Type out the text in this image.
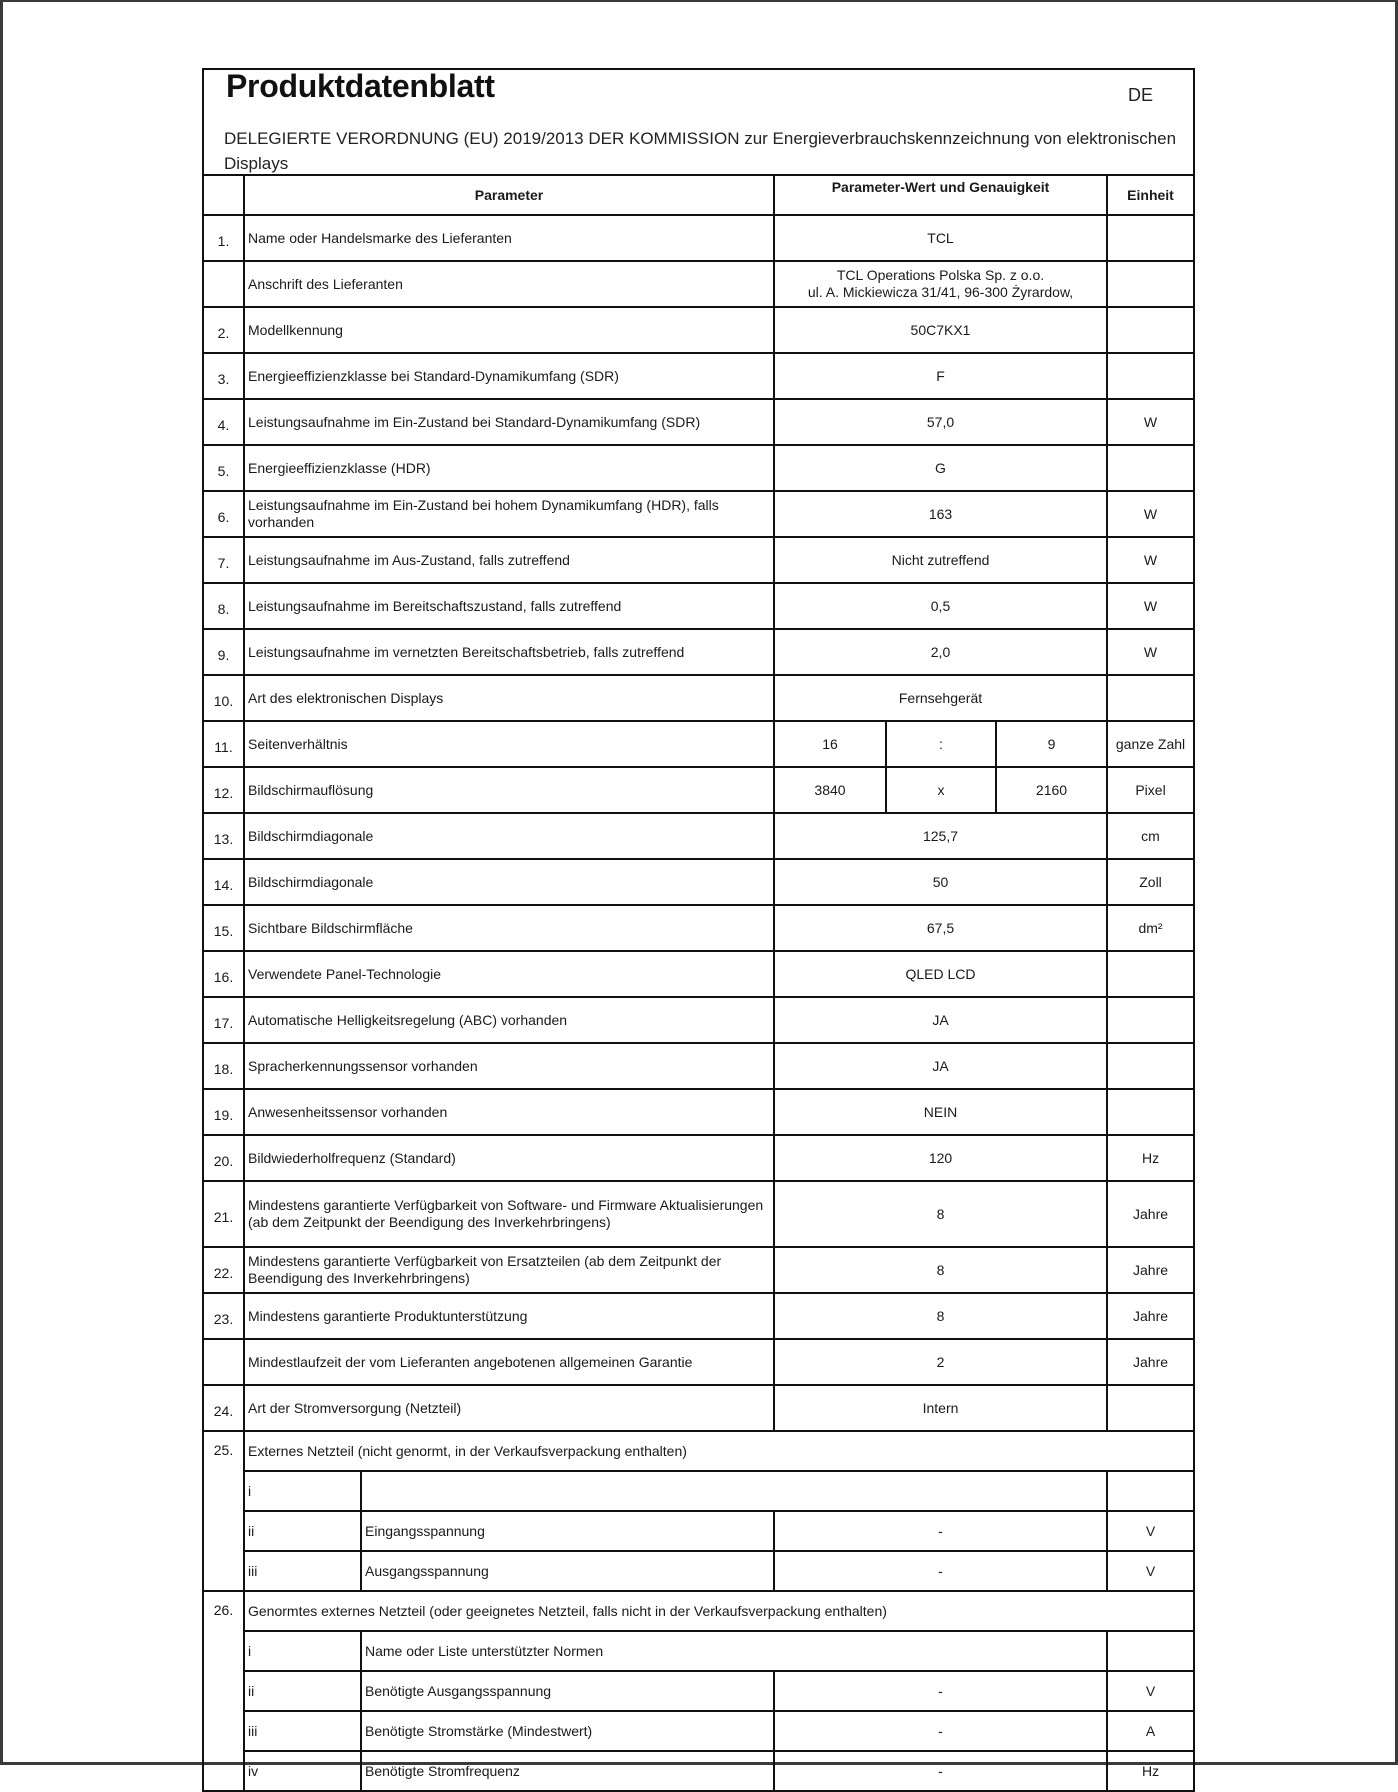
Produktdatenblatt DE
DELEGIERTE VERORDNUNG (EU) 2019/2013 DER KOMMISSION zur Energieverbrauchskennzeichnung von elektronischen Displays						

	Parameter		Parameter-Wert und Genauigkeit			Einheit
1.	Name oder Handelsmarke des Lieferanten		TCL			
	Anschrift des Lieferanten		TCL Operations Polska Sp. z o.o.
ul. A. Mickiewicza 31/41, 96-300 Żyrardow,			

2.	Modellkennung		50C7KX1			
3.	Energieeffizienzklasse bei Standard-Dynamikumfang (SDR)		F			
4.	Leistungsaufnahme im Ein-Zustand bei Standard-Dynamikumfang (SDR)		57,0			W
5.	Energieeffizienzklasse (HDR)		G			
6.	Leistungsaufnahme im Ein-Zustand bei hohem Dynamikumfang (HDR), falls vorhanden		163			W
7.	Leistungsaufnahme im Aus-Zustand, falls zutreffend		Nicht zutreffend			W
8.	Leistungsaufnahme im Bereitschaftszustand, falls zutreffend		0,5			W
9.	Leistungsaufnahme im vernetzten Bereitschaftsbetrieb, falls zutreffend		2,0			W
10.	Art des elektronischen Displays		Fernsehgerät			
11.	Seitenverhältnis		16	:	9	ganze Zahl
12.	Bildschirmauflösung		3840	x	2160	Pixel
13.	Bildschirmdiagonale		125,7			cm
14.	Bildschirmdiagonale		50			Zoll
15.	Sichtbare Bildschirmfläche		67,5			dm²
16.	Verwendete Panel-Technologie		QLED LCD			
17.	Automatische Helligkeitsregelung (ABC) vorhanden		JA			
18.	Spracherkennungssensor vorhanden		JA			
19.	Anwesenheitssensor vorhanden		NEIN			
20.	Bildwiederholfrequenz (Standard)		120			Hz
21.	Mindestens garantierte Verfügbarkeit von Software- und Firmware Aktualisierungen (ab dem Zeitpunkt der Beendigung des Inverkehrbringens)		8			Jahre
22.	Mindestens garantierte Verfügbarkeit von Ersatzteilen (ab dem Zeitpunkt der Beendigung des Inverkehrbringens)		8			Jahre
23.	Mindestens garantierte Produktunterstützung		8			Jahre
	Mindestlaufzeit der vom Lieferanten angebotenen allgemeinen Garantie		2			Jahre
24.	Art der Stromversorgung (Netzteil)		Intern			
25.	Externes Netzteil (nicht genormt, in der Verkaufsverpackung enthalten)					
	i					
	ii	Eingangsspannung	-			V
	iii	Ausgangsspannung	-			V
26.	Genormtes externes Netzteil (oder geeignetes Netzteil, falls nicht in der Verkaufsverpackung enthalten)					
	i	Name oder Liste unterstützter Normen				
	ii	Benötigte Ausgangsspannung	-			V
	iii	Benötigte Stromstärke (Mindestwert)	-			A
	iv	Benötigte Stromfrequenz	-			Hz
